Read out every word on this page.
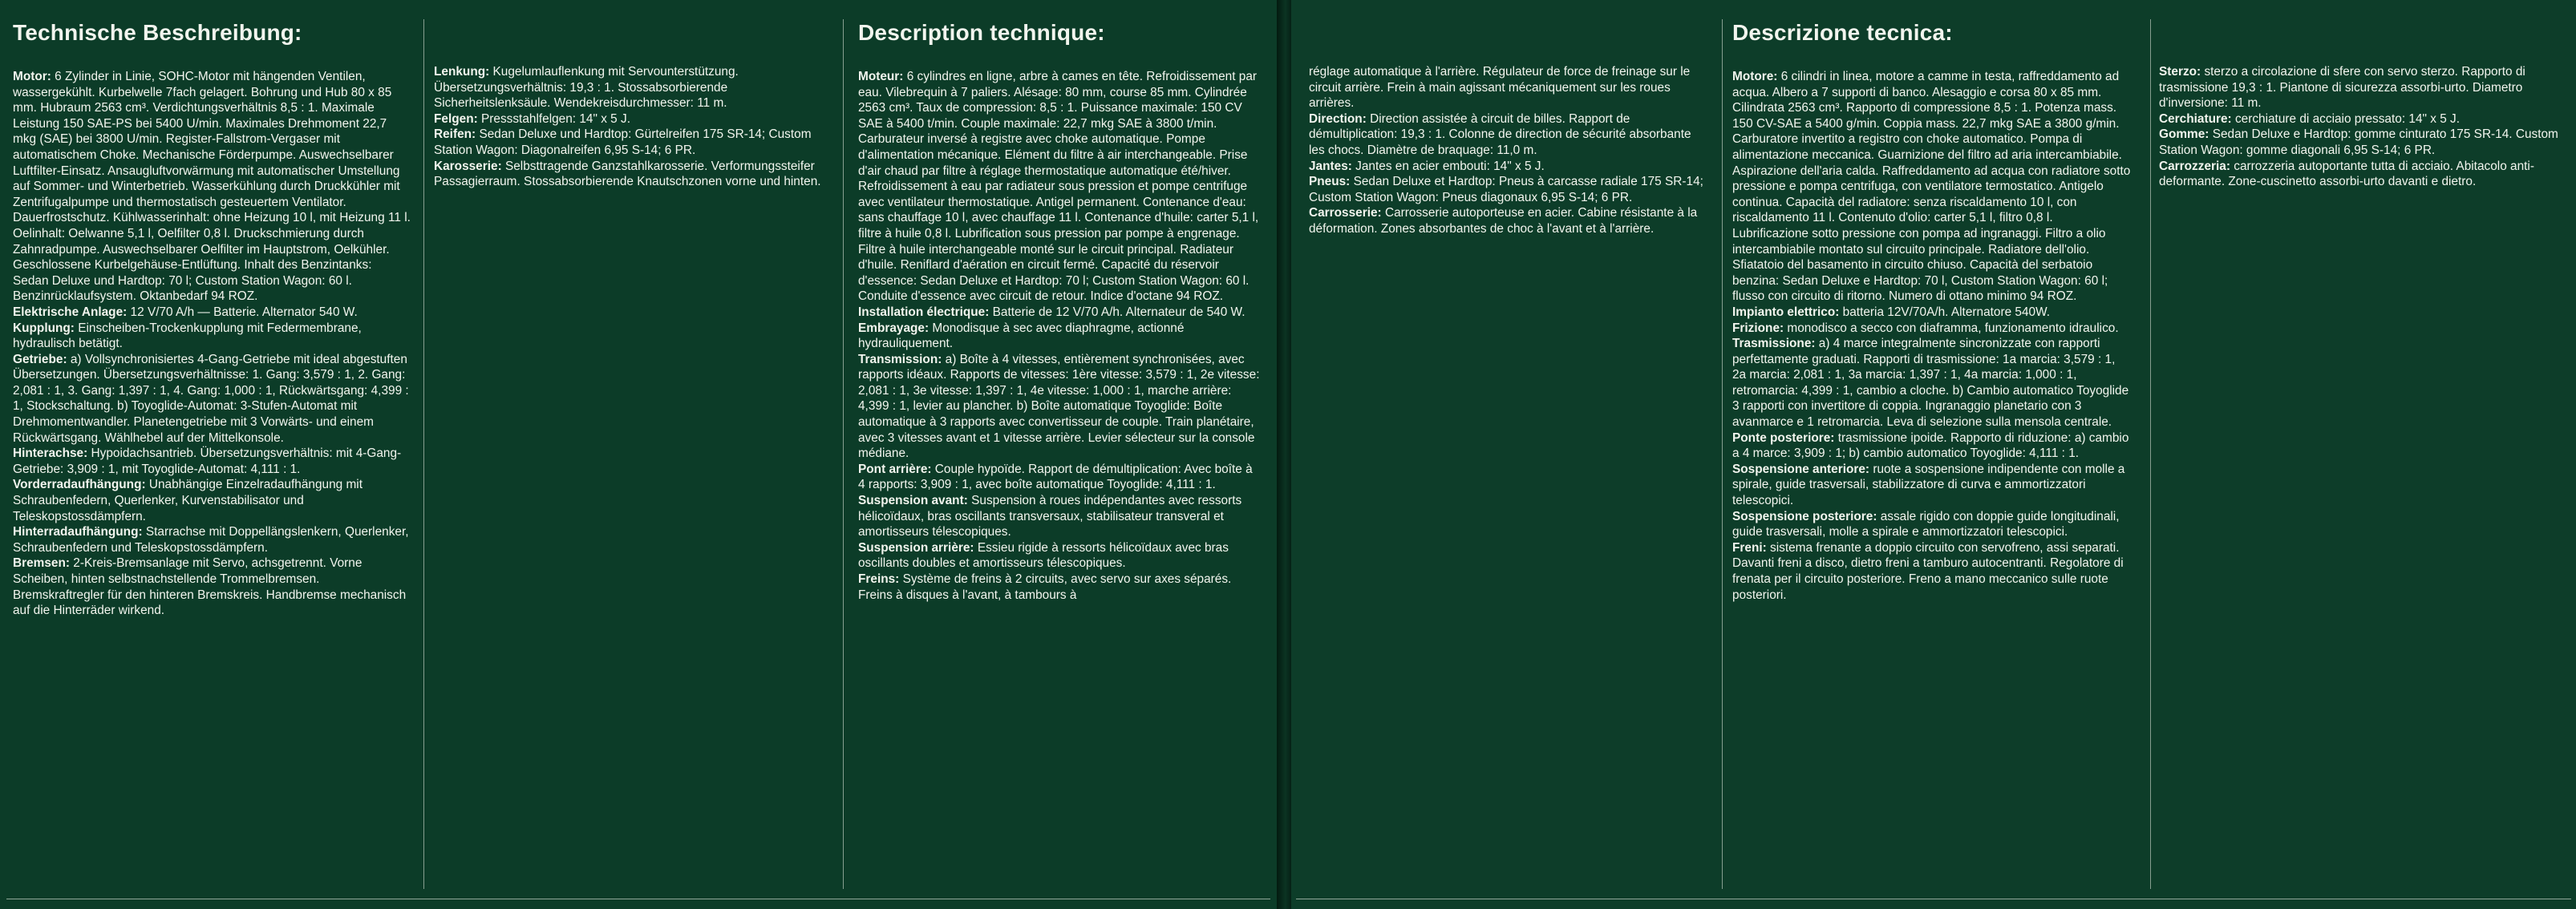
Technische Beschreibung:

Motor: 6 Zylinder in Linie, SOHC-Motor mit hängenden Ventilen, wassergekühlt. Kurbelwelle 7fach gelagert. Bohrung und Hub 80 x 85 mm. Hubraum 2563 cm³. Verdichtungsverhältnis 8,5 : 1. Maximale Leistung 150 SAE-PS bei 5400 U/min. Maximales Drehmoment 22,7 mkg (SAE) bei 3800 U/min. Register-Fallstrom-Vergaser mit automatischem Choke. Mechanische Förderpumpe. Auswechselbarer Luftfilter-Einsatz. Ansaugluftvorwärmung mit automatischer Umstellung auf Sommer- und Winterbetrieb. Wasserkühlung durch Druckkühler mit Zentrifugalpumpe und thermostatisch gesteuertem Ventilator. Dauerfrostschutz. Kühlwasserinhalt: ohne Heizung 10 l, mit Heizung 11 l. Oelinhalt: Oelwanne 5,1 l, Oelfilter 0,8 l. Druckschmierung durch Zahnradpumpe. Auswechselbarer Oelfilter im Hauptstrom, Oelkühler. Geschlossene Kurbelgehäuse-Entlüftung. Inhalt des Benzintanks: Sedan Deluxe und Hardtop: 70 l; Custom Station Wagon: 60 l. Benzinrücklaufsystem. Oktanbedarf 94 ROZ.

Elektrische Anlage: 12 V/70 A/h — Batterie. Alternator 540 W.

Kupplung: Einscheiben-Trockenkupplung mit Federmembrane, hydraulisch betätigt.

Getriebe: a) Vollsynchronisiertes 4-Gang-Getriebe mit ideal abgestuften Übersetzungen. Übersetzungsverhältnisse: 1. Gang: 3,579 : 1, 2. Gang: 2,081 : 1, 3. Gang: 1,397 : 1, 4. Gang: 1,000 : 1, Rückwärtsgang: 4,399 : 1, Stockschaltung. b) Toyoglide-Automat: 3-Stufen-Automat mit Drehmomentwandler. Planetengetriebe mit 3 Vorwärts- und einem Rückwärtsgang. Wählhebel auf der Mittelkonsole.

Hinterachse: Hypoidachsantrieb. Übersetzungsverhältnis: mit 4-Gang-Getriebe: 3,909 : 1, mit Toyoglide-Automat: 4,111 : 1.

Vorderradaufhängung: Unabhängige Einzelradaufhängung mit Schraubenfedern, Querlenker, Kurvenstabilisator und Teleskopstossdämpfern.

Hinterradaufhängung: Starrachse mit Doppellängslenkern, Querlenker, Schraubenfedern und Teleskopstossdämpfern.

Bremsen: 2-Kreis-Bremsanlage mit Servo, achsgetrennt. Vorne Scheiben, hinten selbstnachstellende Trommelbremsen. Bremskraftregler für den hinteren Bremskreis. Handbremse mechanisch auf die Hinterräder wirkend.

Lenkung: Kugelumlauflenkung mit Servounterstützung. Übersetzungsverhältnis: 19,3 : 1. Stossabsorbierende Sicherheitslenksäule. Wendekreisdurchmesser: 11 m.

Felgen: Pressstahlfelgen: 14" x 5 J.

Reifen: Sedan Deluxe und Hardtop: Gürtelreifen 175 SR-14; Custom Station Wagon: Diagonalreifen 6,95 S-14; 6 PR.

Karosserie: Selbsttragende Ganzstahlkarosserie. Verformungssteifer Passagierraum. Stossabsorbierende Knautschzonen vorne und hinten.

Description technique:

Moteur: 6 cylindres en ligne, arbre à cames en tête. Refroidissement par eau. Vilebrequin à 7 paliers. Alésage: 80 mm, course 85 mm. Cylindrée 2563 cm³. Taux de compression: 8,5 : 1. Puissance maximale: 150 CV SAE à 5400 t/min. Couple maximale: 22,7 mkg SAE à 3800 t/min. Carburateur inversé à registre avec choke automatique. Pompe d'alimentation mécanique. Elément du filtre à air interchangeable. Prise d'air chaud par filtre à réglage thermostatique automatique été/hiver. Refroidissement à eau par radiateur sous pression et pompe centrifuge avec ventilateur thermostatique. Antigel permanent. Contenance d'eau: sans chauffage 10 l, avec chauffage 11 l. Contenance d'huile: carter 5,1 l, filtre à huile 0,8 l. Lubrification sous pression par pompe à engrenage. Filtre à huile interchangeable monté sur le circuit principal. Radiateur d'huile. Reniflard d'aération en circuit fermé. Capacité du réservoir d'essence: Sedan Deluxe et Hardtop: 70 l; Custom Station Wagon: 60 l. Conduite d'essence avec circuit de retour. Indice d'octane 94 ROZ.

Installation électrique: Batterie de 12 V/70 A/h. Alternateur de 540 W.

Embrayage: Monodisque à sec avec diaphragme, actionné hydrauliquement.

Transmission: a) Boîte à 4 vitesses, entièrement synchronisées, avec rapports idéaux. Rapports de vitesses: 1ère vitesse: 3,579 : 1, 2e vitesse: 2,081 : 1, 3e vitesse: 1,397 : 1, 4e vitesse: 1,000 : 1, marche arrière: 4,399 : 1, levier au plancher. b) Boîte automatique Toyoglide: Boîte automatique à 3 rapports avec convertisseur de couple. Train planétaire, avec 3 vitesses avant et 1 vitesse arrière. Levier sélecteur sur la console médiane.

Pont arrière: Couple hypoïde. Rapport de démultiplication: Avec boîte à 4 rapports: 3,909 : 1, avec boîte automatique Toyoglide: 4,111 : 1.

Suspension avant: Suspension à roues indépendantes avec ressorts hélicoïdaux, bras oscillants transversaux, stabilisateur transveral et amortisseurs télescopiques.

Suspension arrière: Essieu rigide à ressorts hélicoïdaux avec bras oscillants doubles et amortisseurs télescopiques.

Freins: Système de freins à 2 circuits, avec servo sur axes séparés. Freins à disques à l'avant, à tambours à

réglage automatique à l'arrière. Régulateur de force de freinage sur le circuit arrière. Frein à main agissant mécaniquement sur les roues arrières.

Direction: Direction assistée à circuit de billes. Rapport de démultiplication: 19,3 : 1. Colonne de direction de sécurité absorbante les chocs. Diamètre de braquage: 11,0 m.

Jantes: Jantes en acier embouti: 14" x 5 J.

Pneus: Sedan Deluxe et Hardtop: Pneus à carcasse radiale 175 SR-14; Custom Station Wagon: Pneus diagonaux 6,95 S-14; 6 PR.

Carrosserie: Carrosserie autoporteuse en acier. Cabine résistante à la déformation. Zones absorbantes de choc à l'avant et à l'arrière.

Descrizione tecnica:

Motore: 6 cilindri in linea, motore a camme in testa, raffreddamento ad acqua. Albero a 7 supporti di banco. Alesaggio e corsa 80 x 85 mm. Cilindrata 2563 cm³. Rapporto di compressione 8,5 : 1. Potenza mass. 150 CV-SAE a 5400 g/min. Coppia mass. 22,7 mkg SAE a 3800 g/min. Carburatore invertito a registro con choke automatico. Pompa di alimentazione meccanica. Guarnizione del filtro ad aria intercambiabile. Aspirazione dell'aria calda. Raffreddamento ad acqua con radiatore sotto pressione e pompa centrifuga, con ventilatore termostatico. Antigelo continua. Capacità del radiatore: senza riscaldamento 10 l, con riscaldamento 11 l. Contenuto d'olio: carter 5,1 l, filtro 0,8 l. Lubrificazione sotto pressione con pompa ad ingranaggi. Filtro a olio intercambiabile montato sul circuito principale. Radiatore dell'olio. Sfiatatoio del basamento in circuito chiuso. Capacità del serbatoio benzina: Sedan Deluxe e Hardtop: 70 l, Custom Station Wagon: 60 l; flusso con circuito di ritorno. Numero di ottano minimo 94 ROZ.

Impianto elettrico: batteria 12V/70A/h. Alternatore 540W.

Frizione: monodisco a secco con diaframma, funzionamento idraulico.

Trasmissione: a) 4 marce integralmente sincronizzate con rapporti perfettamente graduati. Rapporti di trasmissione: 1a marcia: 3,579 : 1, 2a marcia: 2,081 : 1, 3a marcia: 1,397 : 1, 4a marcia: 1,000 : 1, retromarcia: 4,399 : 1, cambio a cloche. b) Cambio automatico Toyoglide 3 rapporti con invertitore di coppia. Ingranaggio planetario con 3 avanmarce e 1 retromarcia. Leva di selezione sulla mensola centrale.

Ponte posteriore: trasmissione ipoide. Rapporto di riduzione: a) cambio a 4 marce: 3,909 : 1; b) cambio automatico Toyoglide: 4,111 : 1.

Sospensione anteriore: ruote a sospensione indipendente con molle a spirale, guide trasversali, stabilizzatore di curva e ammortizzatori telescopici.

Sospensione posteriore: assale rigido con doppie guide longitudinali, guide trasversali, molle a spirale e ammortizzatori telescopici.

Freni: sistema frenante a doppio circuito con servofreno, assi separati. Davanti freni a disco, dietro freni a tamburo autocentranti. Regolatore di frenata per il circuito posteriore. Freno a mano meccanico sulle ruote posteriori.

Sterzo: sterzo a circolazione di sfere con servo sterzo. Rapporto di trasmissione 19,3 : 1. Piantone di sicurezza assorbi-urto. Diametro d'inversione: 11 m.

Cerchiature: cerchiature di acciaio pressato: 14" x 5 J.

Gomme: Sedan Deluxe e Hardtop: gomme cinturato 175 SR-14. Custom Station Wagon: gomme diagonali 6,95 S-14; 6 PR.

Carrozzeria: carrozzeria autoportante tutta di acciaio. Abitacolo anti-deformante. Zone-cuscinetto assorbi-urto davanti e dietro.
